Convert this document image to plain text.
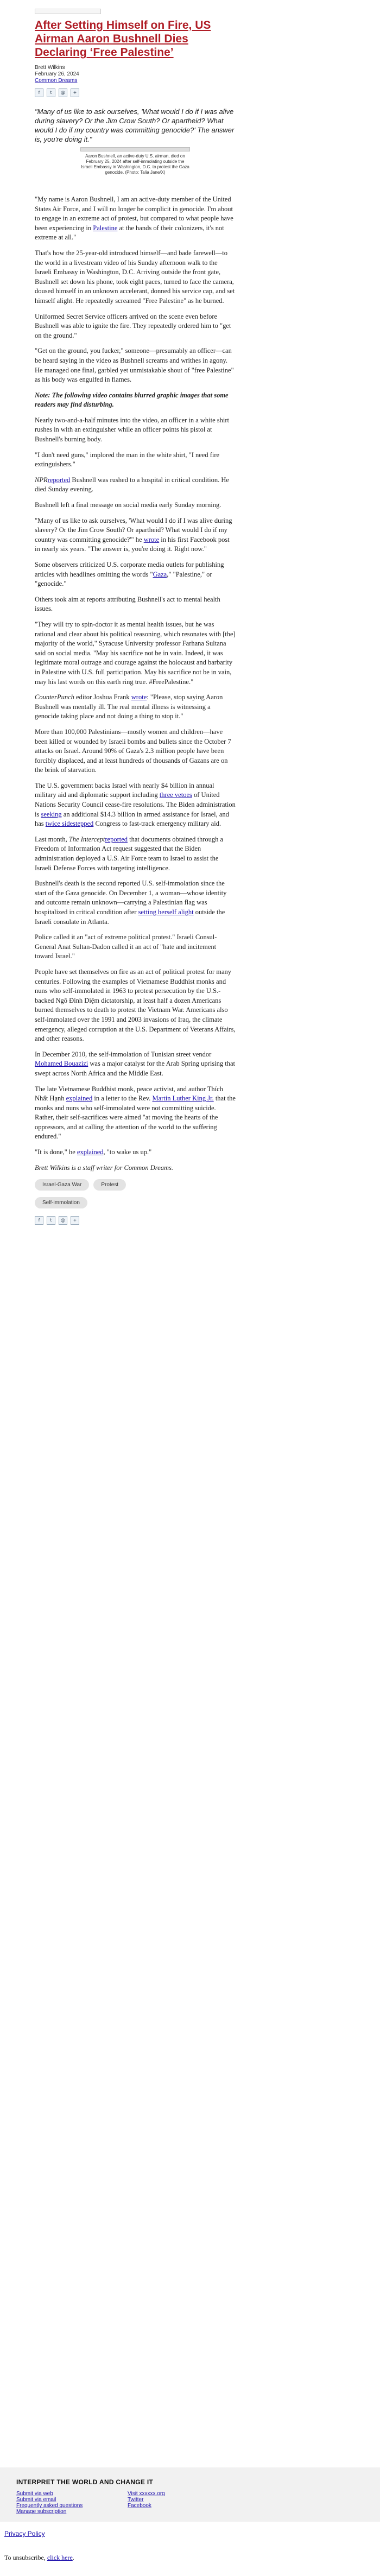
After Setting Himself on Fire, US Airman Aaron Bushnell Dies Declaring ‘Free Palestine’
Brett Wilkins
February 26, 2024
Common Dreams
f	t	@	+

"Many of us like to ask ourselves, 'What would I do if I was alive during slavery? Or the Jim Crow South? Or apartheid? What would I do if my country was committing genocide?' The answer is, you're doing it."

Aaron Bushnell, an active-duty U.S. airman, died on February 25, 2024 after self-immolating outside the Israeli Embassy in Washington, D.C. to protest the Gaza genocide. (Photo: Talia Jane/X)

"My name is Aaron Bushnell, I am an active-duty member of the United States Air Force, and I will no longer be complicit in genocide. I'm about to engage in an extreme act of protest, but compared to what people have been experiencing in Palestine at the hands of their colonizers, it's not extreme at all."

That's how the 25-year-old introduced himself—and bade farewell—to the world in a livestream video of his Sunday afternoon walk to the Israeli Embassy in Washington, D.C. Arriving outside the front gate, Bushnell set down his phone, took eight paces, turned to face the camera, doused himself in an unknown accelerant, donned his service cap, and set himself alight. He repeatedly screamed "Free Palestine" as he burned.

Uniformed Secret Service officers arrived on the scene even before Bushnell was able to ignite the fire. They repeatedly ordered him to "get on the ground."

"Get on the ground, you fucker," someone—presumably an officer—can be heard saying in the video as Bushnell screams and writhes in agony. He managed one final, garbled yet unmistakable shout of "free Palestine" as his body was engulfed in flames.

Note: The following video contains blurred graphic images that some readers may find disturbing.

Nearly two-and-a-half minutes into the video, an officer in a white shirt rushes in with an extinguisher while an officer points his pistol at Bushnell's burning body.

"I don't need guns," implored the man in the white shirt, "I need fire extinguishers."

NPRreported Bushnell was rushed to a hospital in critical condition. He died Sunday evening.

Bushnell left a final message on social media early Sunday morning.

"Many of us like to ask ourselves, 'What would I do if I was alive during slavery? Or the Jim Crow South? Or apartheid? What would I do if my country was committing genocide?'" he wrote in his first Facebook post in nearly six years. "The answer is, you're doing it. Right now."

Some observers criticized U.S. corporate media outlets for publishing articles with headlines omitting the words "Gaza," "Palestine," or "genocide."

Others took aim at reports attributing Bushnell's act to mental health issues.

"They will try to spin-doctor it as mental health issues, but he was rational and clear about his political reasoning, which resonates with [the] majority of the world," Syracuse University professor Farhana Sultana said on social media. "May his sacrifice not be in vain. Indeed, it was legitimate moral outrage and courage against the holocaust and barbarity in Palestine with U.S. full participation. May his sacrifice not be in vain, may his last words on this earth ring true. #FreePalestine."

CounterPunch editor Joshua Frank wrote: "Please, stop saying Aaron Bushnell was mentally ill. The real mental illness is witnessing a genocide taking place and not doing a thing to stop it."

More than 100,000 Palestinians—mostly women and children—have been killed or wounded by Israeli bombs and bullets since the October 7 attacks on Israel. Around 90% of Gaza's 2.3 million people have been forcibly displaced, and at least hundreds of thousands of Gazans are on the brink of starvation.

The U.S. government backs Israel with nearly $4 billion in annual military aid and diplomatic support including three vetoes of United Nations Security Council cease-fire resolutions. The Biden administration is seeking an additional $14.3 billion in armed assistance for Israel, and has twice sidestepped Congress to fast-track emergency military aid.

Last month, The Interceptreported that documents obtained through a Freedom of Information Act request suggested that the Biden administration deployed a U.S. Air Force team to Israel to assist the Israeli Defense Forces with targeting intelligence.

Bushnell's death is the second reported U.S. self-immolation since the start of the Gaza genocide. On December 1, a woman—whose identity and outcome remain unknown—carrying a Palestinian flag was hospitalized in critical condition after setting herself alight outside the Israeli consulate in Atlanta.

Police called it an "act of extreme political protest." Israeli Consul-General Anat Sultan-Dadon called it an act of "hate and incitement toward Israel."

People have set themselves on fire as an act of political protest for many centuries. Following the examples of Vietnamese Buddhist monks and nuns who self-immolated in 1963 to protest persecution by the U.S.-backed Ngô Đình Diệm dictatorship, at least half a dozen Americans burned themselves to death to protest the Vietnam War. Americans also self-immolated over the 1991 and 2003 invasions of Iraq, the climate emergency, alleged corruption at the U.S. Department of Veterans Affairs, and other reasons.

In December 2010, the self-immolation of Tunisian street vendor Mohamed Bouazizi was a major catalyst for the Arab Spring uprising that swept across North Africa and the Middle East.

The late Vietnamese Buddhist monk, peace activist, and author Thích Nhất Hạnh explained in a letter to the Rev. Martin Luther King Jr. that the monks and nuns who self-immolated were not committing suicide. Rather, their self-sacrifices were aimed "at moving the hearts of the oppressors, and at calling the attention of the world to the suffering endured."

"It is done," he explained, "to wake us up."

Brett Wilkins is a staff writer for Common Dreams.

Israel-Gaza War	Protest
Self-immolation
f	t	@	+
INTERPRET THE WORLD AND CHANGE IT
Submit via web
Submit via email
Frequently asked questions
Manage subscription
Visit xxxxxx.org
Twitter
Facebook
Privacy Policy
To unsubscribe, click here.
